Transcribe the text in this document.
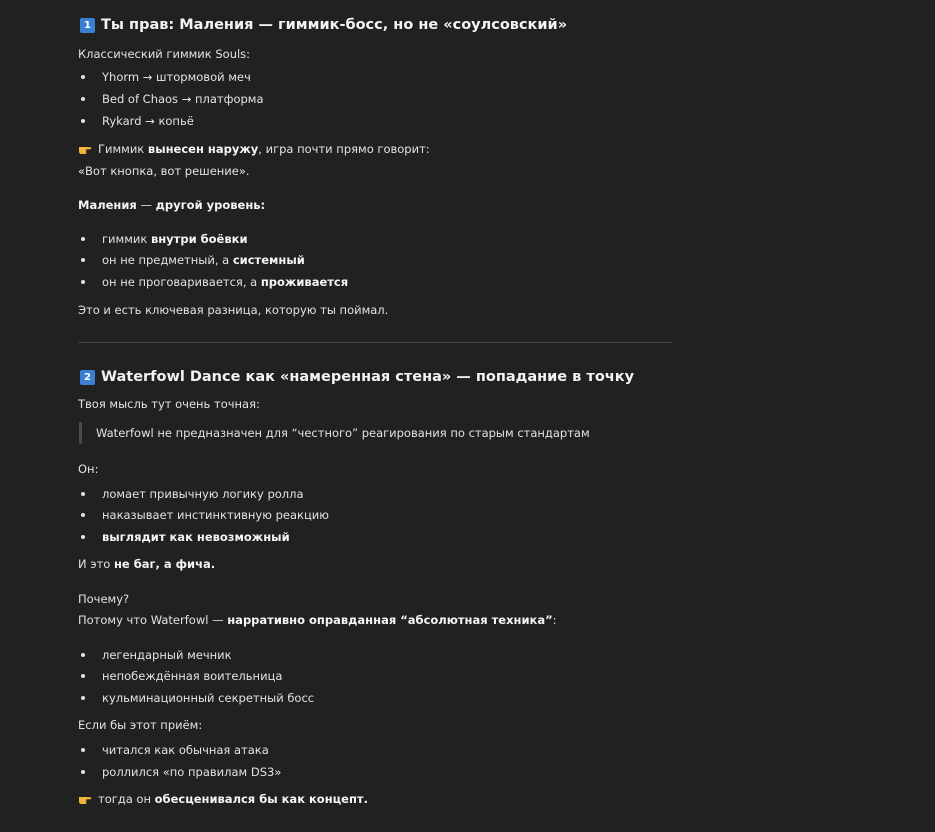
1 Ты прав: Маления — гиммик-босс, но не «соулсовский»
Классический гиммик Souls:
Yhorm → штормовой меч
Bed of Chaos → платформа
Rykard → копьё
Гиммик вынесен наружу, игра почти прямо говорит:
«Вот кнопка, вот решение».
Маления — другой уровень:
гиммик внутри боёвки
он не предметный, а системный
он не проговаривается, а проживается
Это и есть ключевая разница, которую ты поймал.
2 Waterfowl Dance как «намеренная стена» — попадание в точку
Твоя мысль тут очень точная:
Waterfowl не предназначен для “честного” реагирования по старым стандартам
Он:
ломает привычную логику ролла
наказывает инстинктивную реакцию
выглядит как невозможный
И это не баг, а фича.
Почему?
Потому что Waterfowl — нарративно оправданная “абсолютная техника”:
легендарный мечник
непобеждённая воительница
кульминационный секретный босс
Если бы этот приём:
читался как обычная атака
роллился «по правилам DS3»
тогда он обесценивался бы как концепт.
